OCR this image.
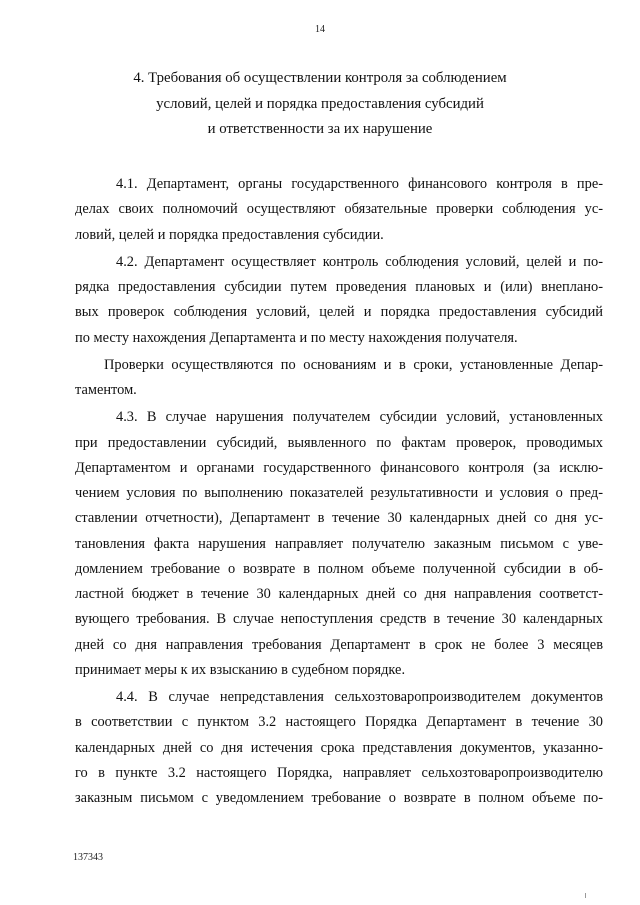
14
4. Требования об осуществлении контроля за соблюдением
условий, целей и порядка предоставления субсидий
и ответственности за их нарушение
4.1. Департамент, органы государственного финансового контроля в пре-
делах своих полномочий осуществляют обязательные проверки соблюдения ус-
ловий, целей и порядка предоставления субсидии.
4.2. Департамент осуществляет контроль соблюдения условий, целей и по-
рядка предоставления субсидии путем проведения плановых и (или) внеплано-
вых проверок соблюдения условий, целей и порядка предоставления субсидий
по месту нахождения Департамента и по месту нахождения получателя.
Проверки осуществляются по основаниям и в сроки, установленные Депар-
таментом.
4.3. В случае нарушения получателем субсидии условий, установленных
при предоставлении субсидий, выявленного по фактам проверок, проводимых
Департаментом и органами государственного финансового контроля (за исклю-
чением условия по выполнению показателей результативности и условия о пред-
ставлении отчетности), Департамент в течение 30 календарных дней со дня ус-
тановления факта нарушения направляет получателю заказным письмом с уве-
домлением требование о возврате в полном объеме полученной субсидии в об-
ластной бюджет в течение 30 календарных дней со дня направления соответст-
вующего требования. В случае непоступления средств в течение 30 календарных
дней со дня направления требования Департамент в срок не более 3 месяцев
принимает меры к их взысканию в судебном порядке.
4.4. В случае непредставления сельхозтоваропроизводителем документов
в соответствии с пунктом 3.2 настоящего Порядка Департамент в течение 30
календарных дней со дня истечения срока представления документов, указанно-
го в пункте 3.2 настоящего Порядка, направляет сельхозтоваропроизводителю
заказным письмом с уведомлением требование о возврате в полном объеме по-
137343
